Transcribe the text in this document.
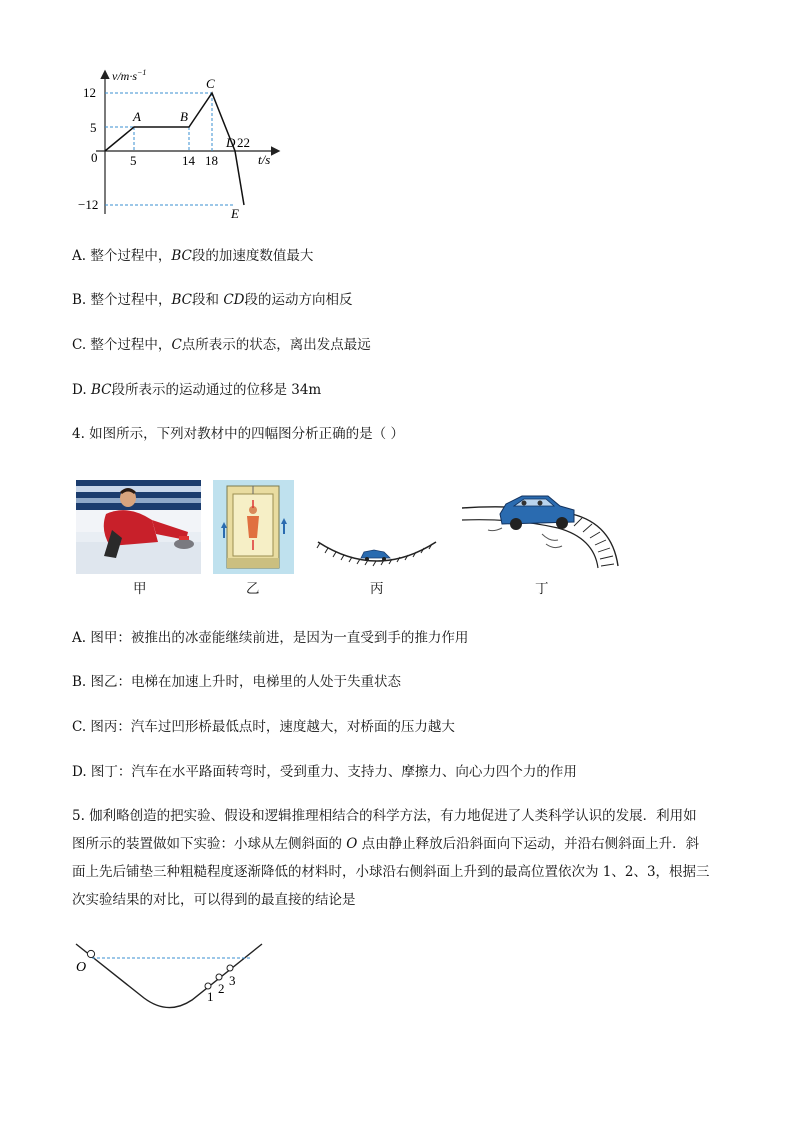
12
5
0
−12
5	14 18
A	B
C
D 22
E
$v/m\cdot s^{-1}$
t/s
A. 整个过程中，BC段的加速度数值最大
B. 整个过程中，BC段和 CD段的运动方向相反
C. 整个过程中，C点所表示的状态，离出发点最远
D. BC段所表示的运动通过的位移是 34m
4. 如图所示，下列对教材中的四幅图分析正确的是（ ）
甲	乙	丙	丁
A. 图甲：被推出的冰壶能继续前进，是因为一直受到手的推力作用
B. 图乙：电梯在加速上升时，电梯里的人处于失重状态
C. 图丙：汽车过凹形桥最低点时，速度越大，对桥面的压力越大
D. 图丁：汽车在水平路面转弯时，受到重力、支持力、摩擦力、向心力四个力的作用
5. 伽利略创造的把实验、假设和逻辑推理相结合的科学方法，有力地促进了人类科学认识的发展．利用如
图所示的装置做如下实验：小球从左侧斜面的 O 点由静止释放后沿斜面向下运动，并沿右侧斜面上升．斜
面上先后铺垫三种粗糙程度逐渐降低的材料时，小球沿右侧斜面上升到的最高位置依次为 1、2、3，根据三
次实验结果的对比，可以得到的最直接的结论是
O
1
2
3
